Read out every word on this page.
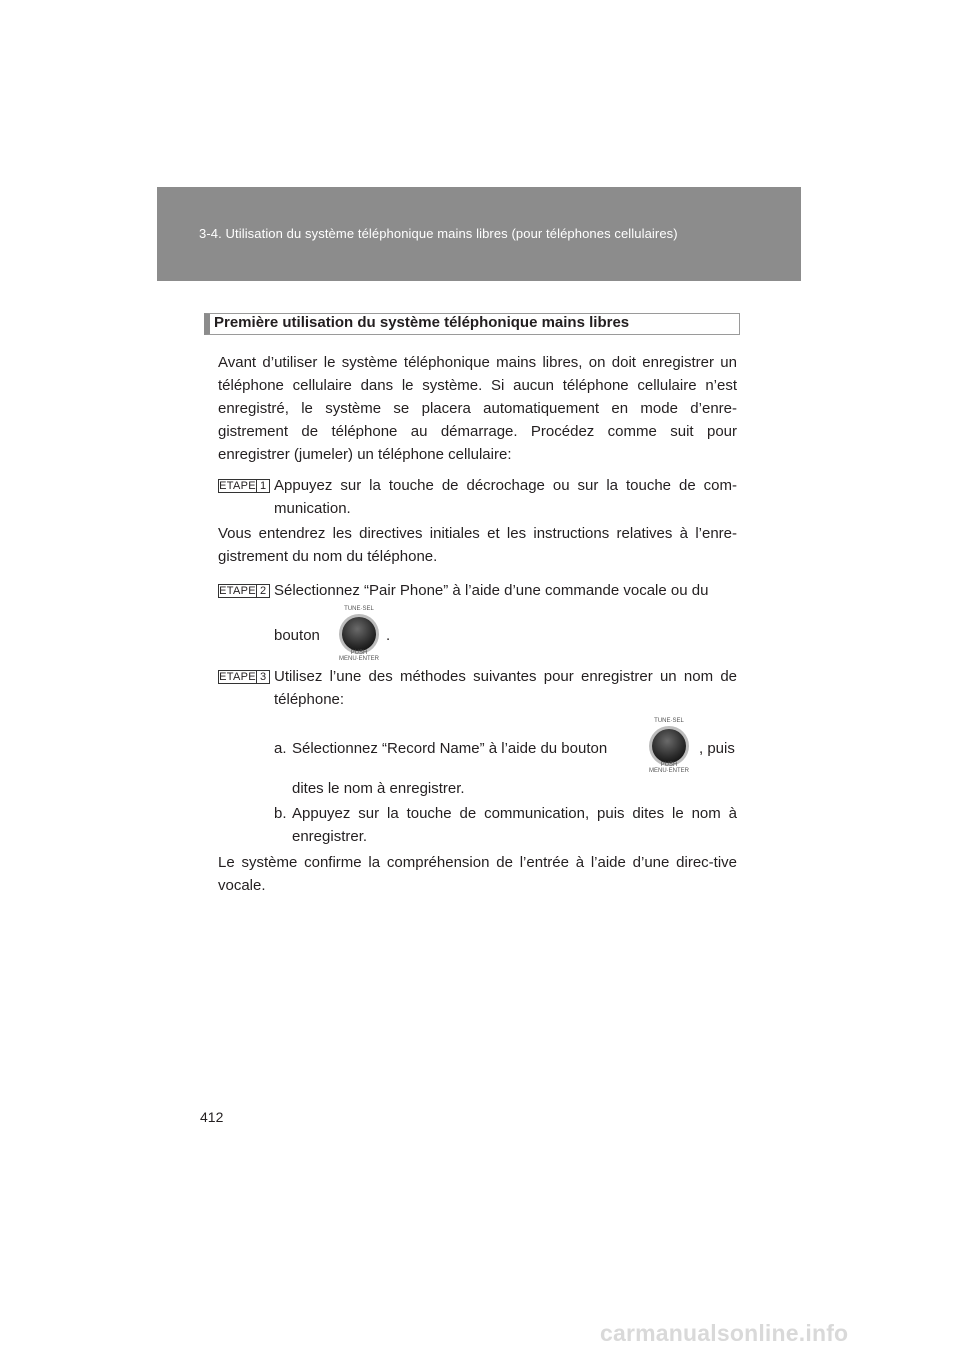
3-4. Utilisation du système téléphonique mains libres (pour téléphones cellulaires)
Première utilisation du système téléphonique mains libres
Avant d’utiliser le système téléphonique mains libres, on doit enregistrer un téléphone cellulaire dans le système. Si aucun téléphone cellulaire n’est enregistré, le système se placera automatiquement en mode d’enre-gistrement de téléphone au démarrage. Procédez comme suit pour enregistrer (jumeler) un téléphone cellulaire:
ETAPE 1 Appuyez sur la touche de décrochage ou sur la touche de com-munication.
Vous entendrez les directives initiales et les instructions relatives à l’enre-gistrement du nom du téléphone.
ETAPE 2 Sélectionnez “Pair Phone” à l’aide d’une commande vocale ou du
bouton
TUNE·SEL
PUSH MENU·ENTER
.
ETAPE 3 Utilisez l’une des méthodes suivantes pour enregistrer un nom de téléphone:
a. Sélectionnez “Record Name” à l’aide du bouton
TUNE·SEL
PUSH MENU·ENTER
, puis
dites le nom à enregistrer.
b. Appuyez sur la touche de communication, puis dites le nom à enregistrer.
Le système confirme la compréhension de l’entrée à l’aide d’une direc-tive vocale.
412
carmanualsonline.info
